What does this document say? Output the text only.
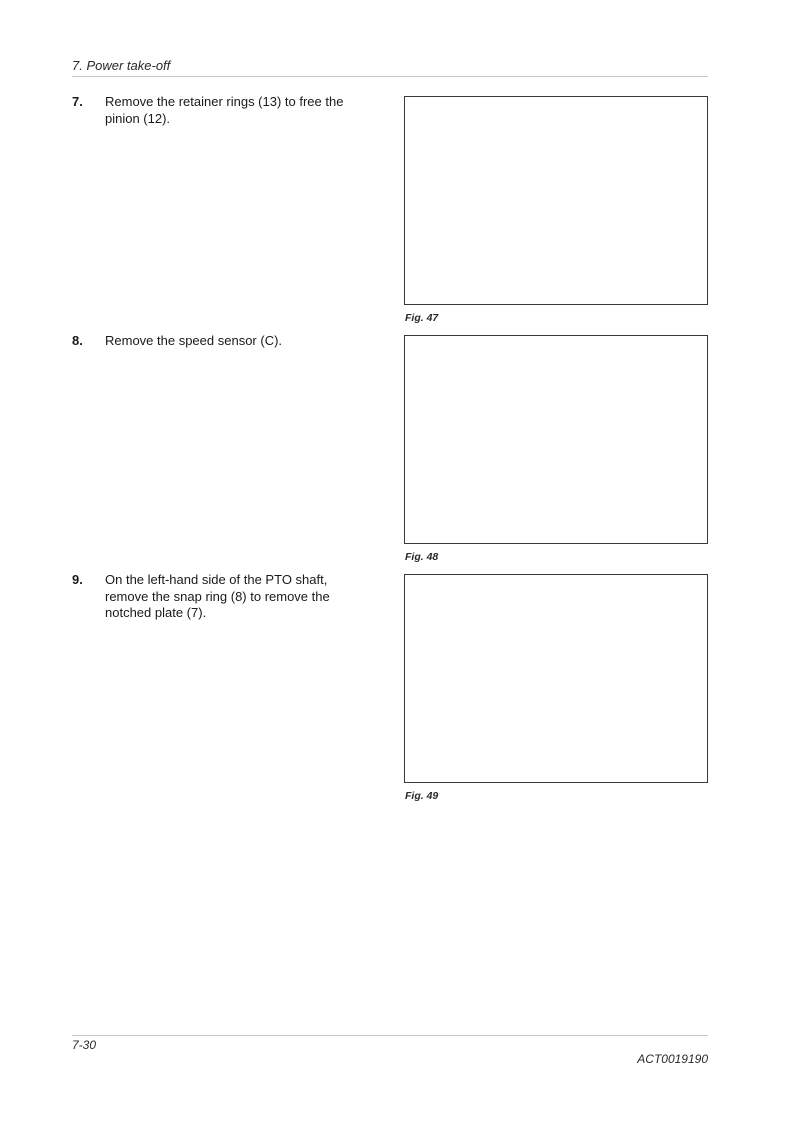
7. Power take-off
7. Remove the retainer rings (13) to free the pinion (12).
Fig. 47
8. Remove the speed sensor (C).
Fig. 48
9. On the left-hand side of the PTO shaft, remove the snap ring (8) to remove the notched plate (7).
Fig. 49
7-30
ACT0019190
